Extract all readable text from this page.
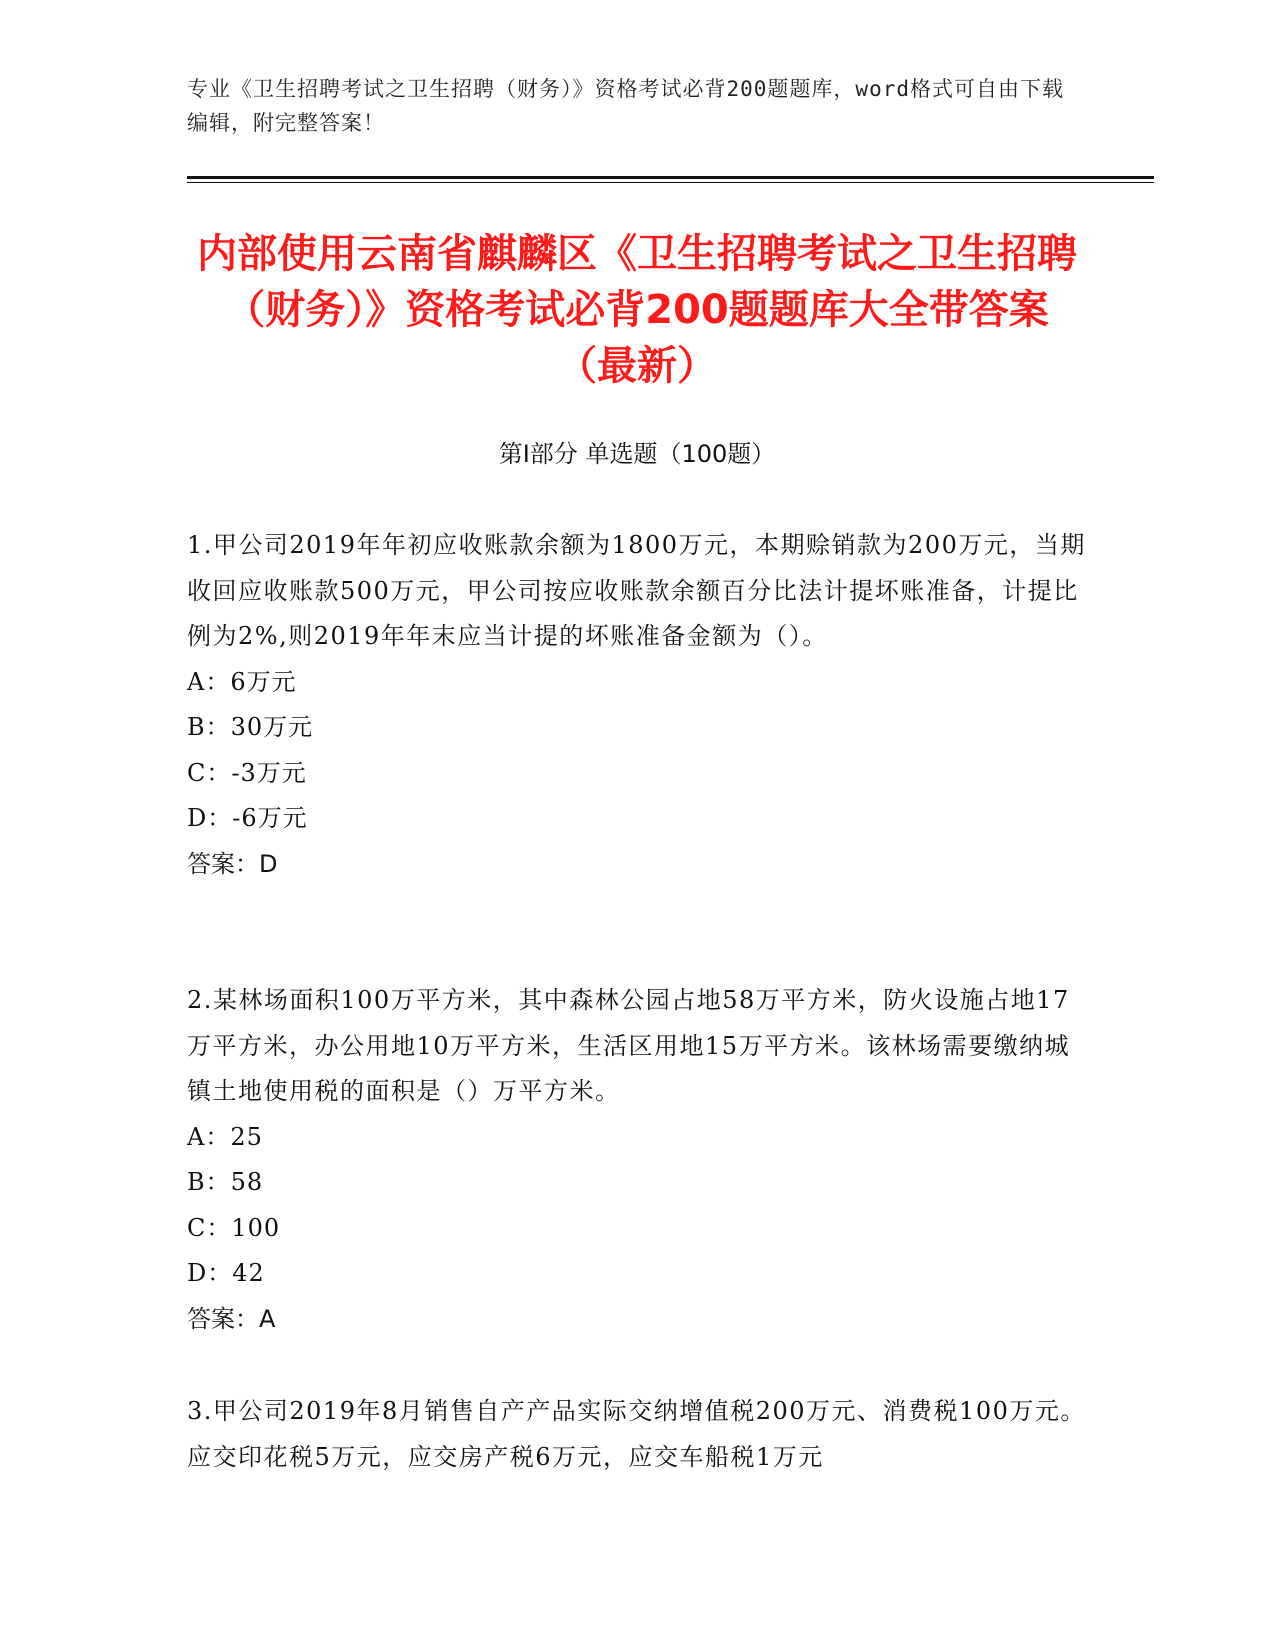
专业《卫生招聘考试之卫生招聘（财务）》资格考试必背200题题库，word格式可自由下载编辑，附完整答案！
内部使用云南省麒麟区《卫生招聘考试之卫生招聘（财务）》资格考试必背200题题库大全带答案（最新）
第Ⅰ部分 单选题（100题）

1.甲公司2019年年初应收账款余额为1800万元，本期赊销款为200万元，当期收回应收账款500万元，甲公司按应收账款余额百分比法计提坏账准备，计提比例为2%,则2019年年末应当计提的坏账准备金额为（）。

A：6万元

B：30万元

C：-3万元

D：-6万元

答案：D

2.某林场面积100万平方米，其中森林公园占地58万平方米，防火设施占地17万平方米，办公用地10万平方米，生活区用地15万平方米。该林场需要缴纳城镇土地使用税的面积是（）万平方米。

A：25

B：58

C：100

D：42

答案：A

3.甲公司2019年8月销售自产产品实际交纳增值税200万元、消费税100万元。应交印花税5万元，应交房产税6万元，应交车船税1万元
